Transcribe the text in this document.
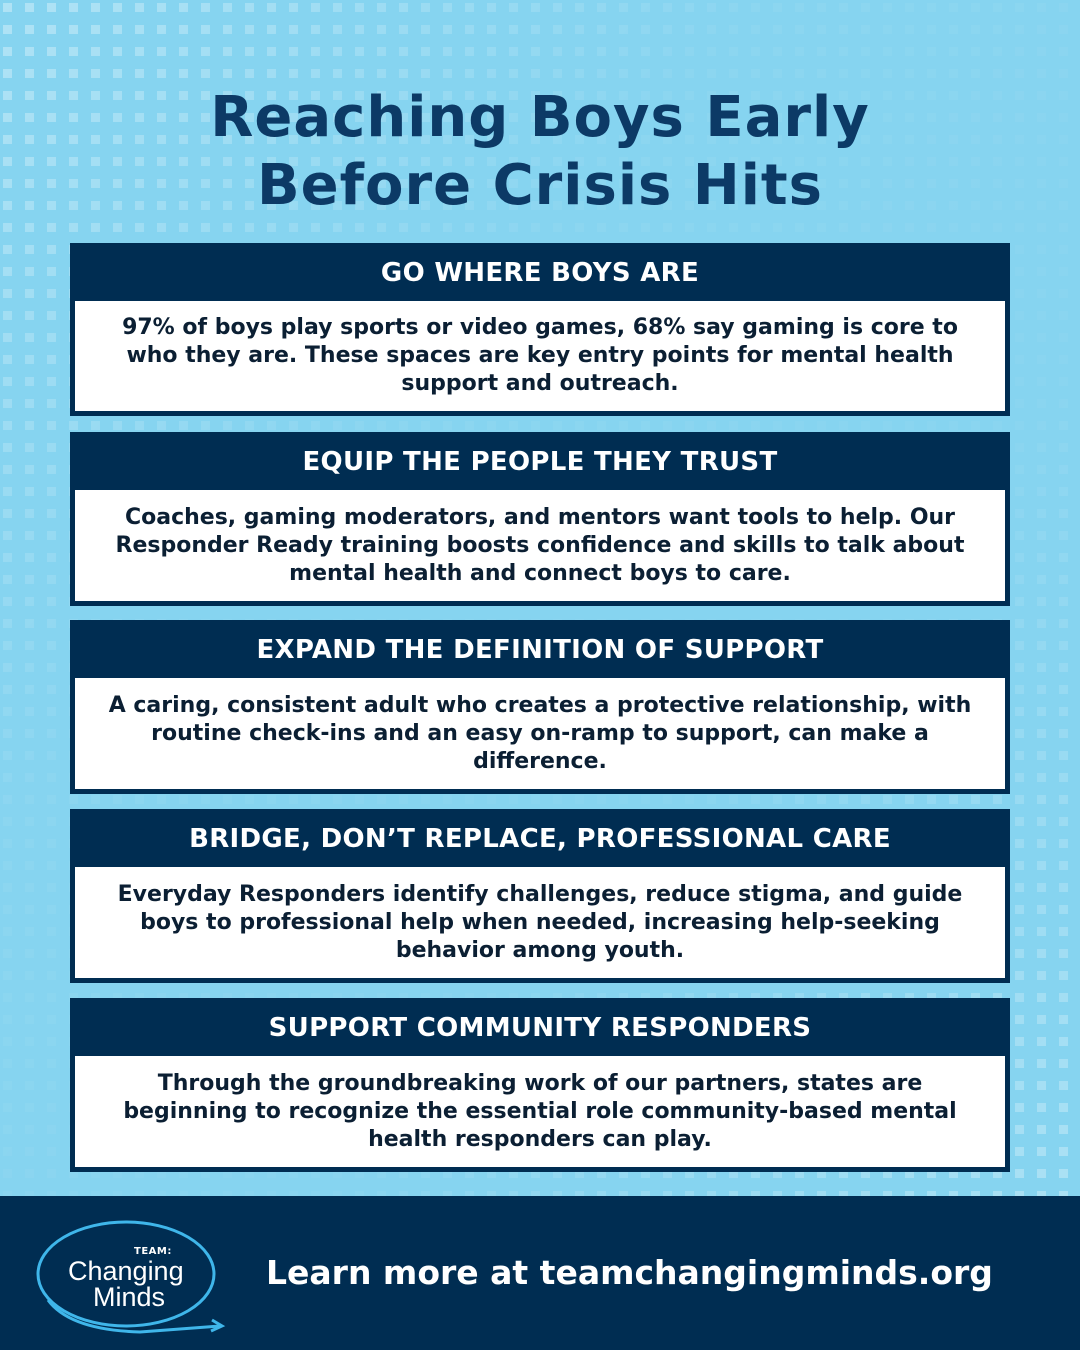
Reaching Boys Early
Before Crisis Hits
GO WHERE BOYS ARE
97% of boys play sports or video games, 68% say gaming is core to who they are. These spaces are key entry points for mental health support and outreach.
EQUIP THE PEOPLE THEY TRUST
Coaches, gaming moderators, and mentors want tools to help. Our Responder Ready training boosts confidence and skills to talk about mental health and connect boys to care.
EXPAND THE DEFINITION OF SUPPORT
A caring, consistent adult who creates a protective relationship, with routine check-ins and an easy on-ramp to support, can make a difference.
BRIDGE, DON’T REPLACE, PROFESSIONAL CARE
Everyday Responders identify challenges, reduce stigma, and guide boys to professional help when needed, increasing help-seeking behavior among youth.
SUPPORT COMMUNITY RESPONDERS
Through the groundbreaking work of our partners, states are beginning to recognize the essential role community-based mental health responders can play.
TEAM:
Changing
Minds
Learn more at teamchangingminds.org
